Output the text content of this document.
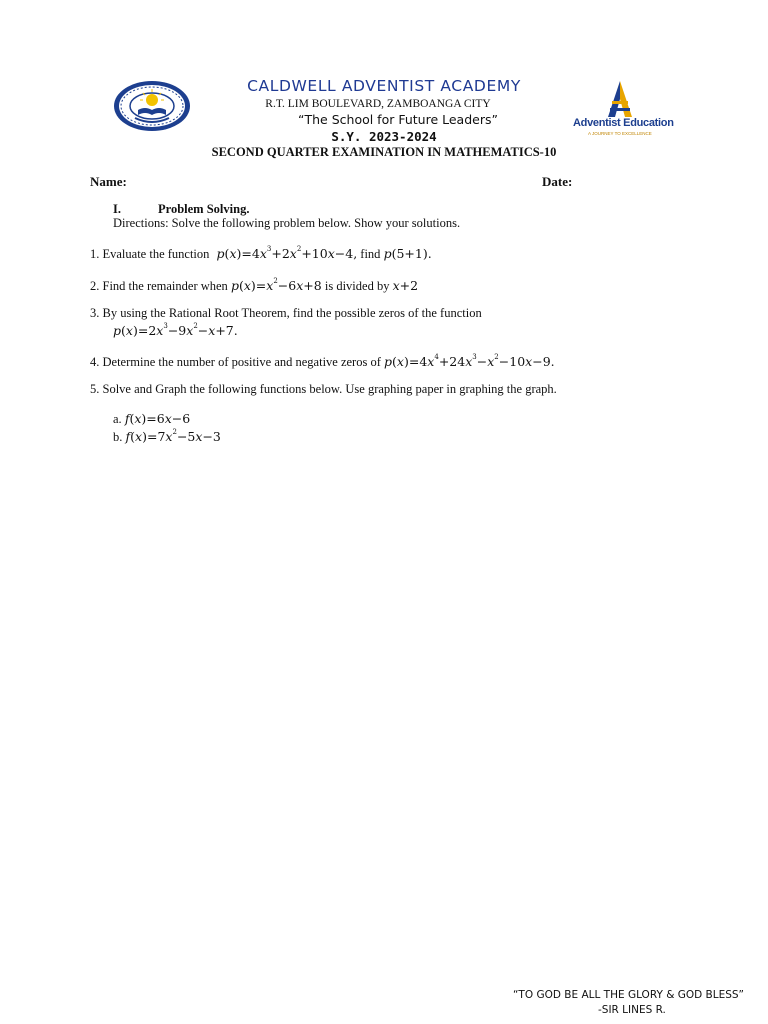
Adventist Education
A JOURNEY TO EXCELLENCE
CALDWELL ADVENTIST ACADEMY
R.T. LIM BOULEVARD, ZAMBOANGA CITY
“The School for Future Leaders”
S.Y. 2023-2024
SECOND QUARTER EXAMINATION IN MATHEMATICS-10
Name:	Date:
I.	Problem Solving.
Directions: Solve the following problem below. Show your solutions.
1. Evaluate the function $p(x)=4x^3+2x^2+10x-4$, find p(5+1).
2. Find the remainder when $p(x)=x^2-6x+8$ is divided by x+2
3. By using the Rational Root Theorem, find the possible zeros of the function
$p(x)=2x^3-9x^2-x+7$.
4. Determine the number of positive and negative zeros of $p(x)=4x^4+24x^3-x^2-10x-9$.
5. Solve and Graph the following functions below. Use graphing paper in graphing the graph.
a. f(x)=6x−6
b. $f(x)=7x^2-5x-3$
“TO GOD BE ALL THE GLORY & GOD BLESS”
-SIR LINES R.
